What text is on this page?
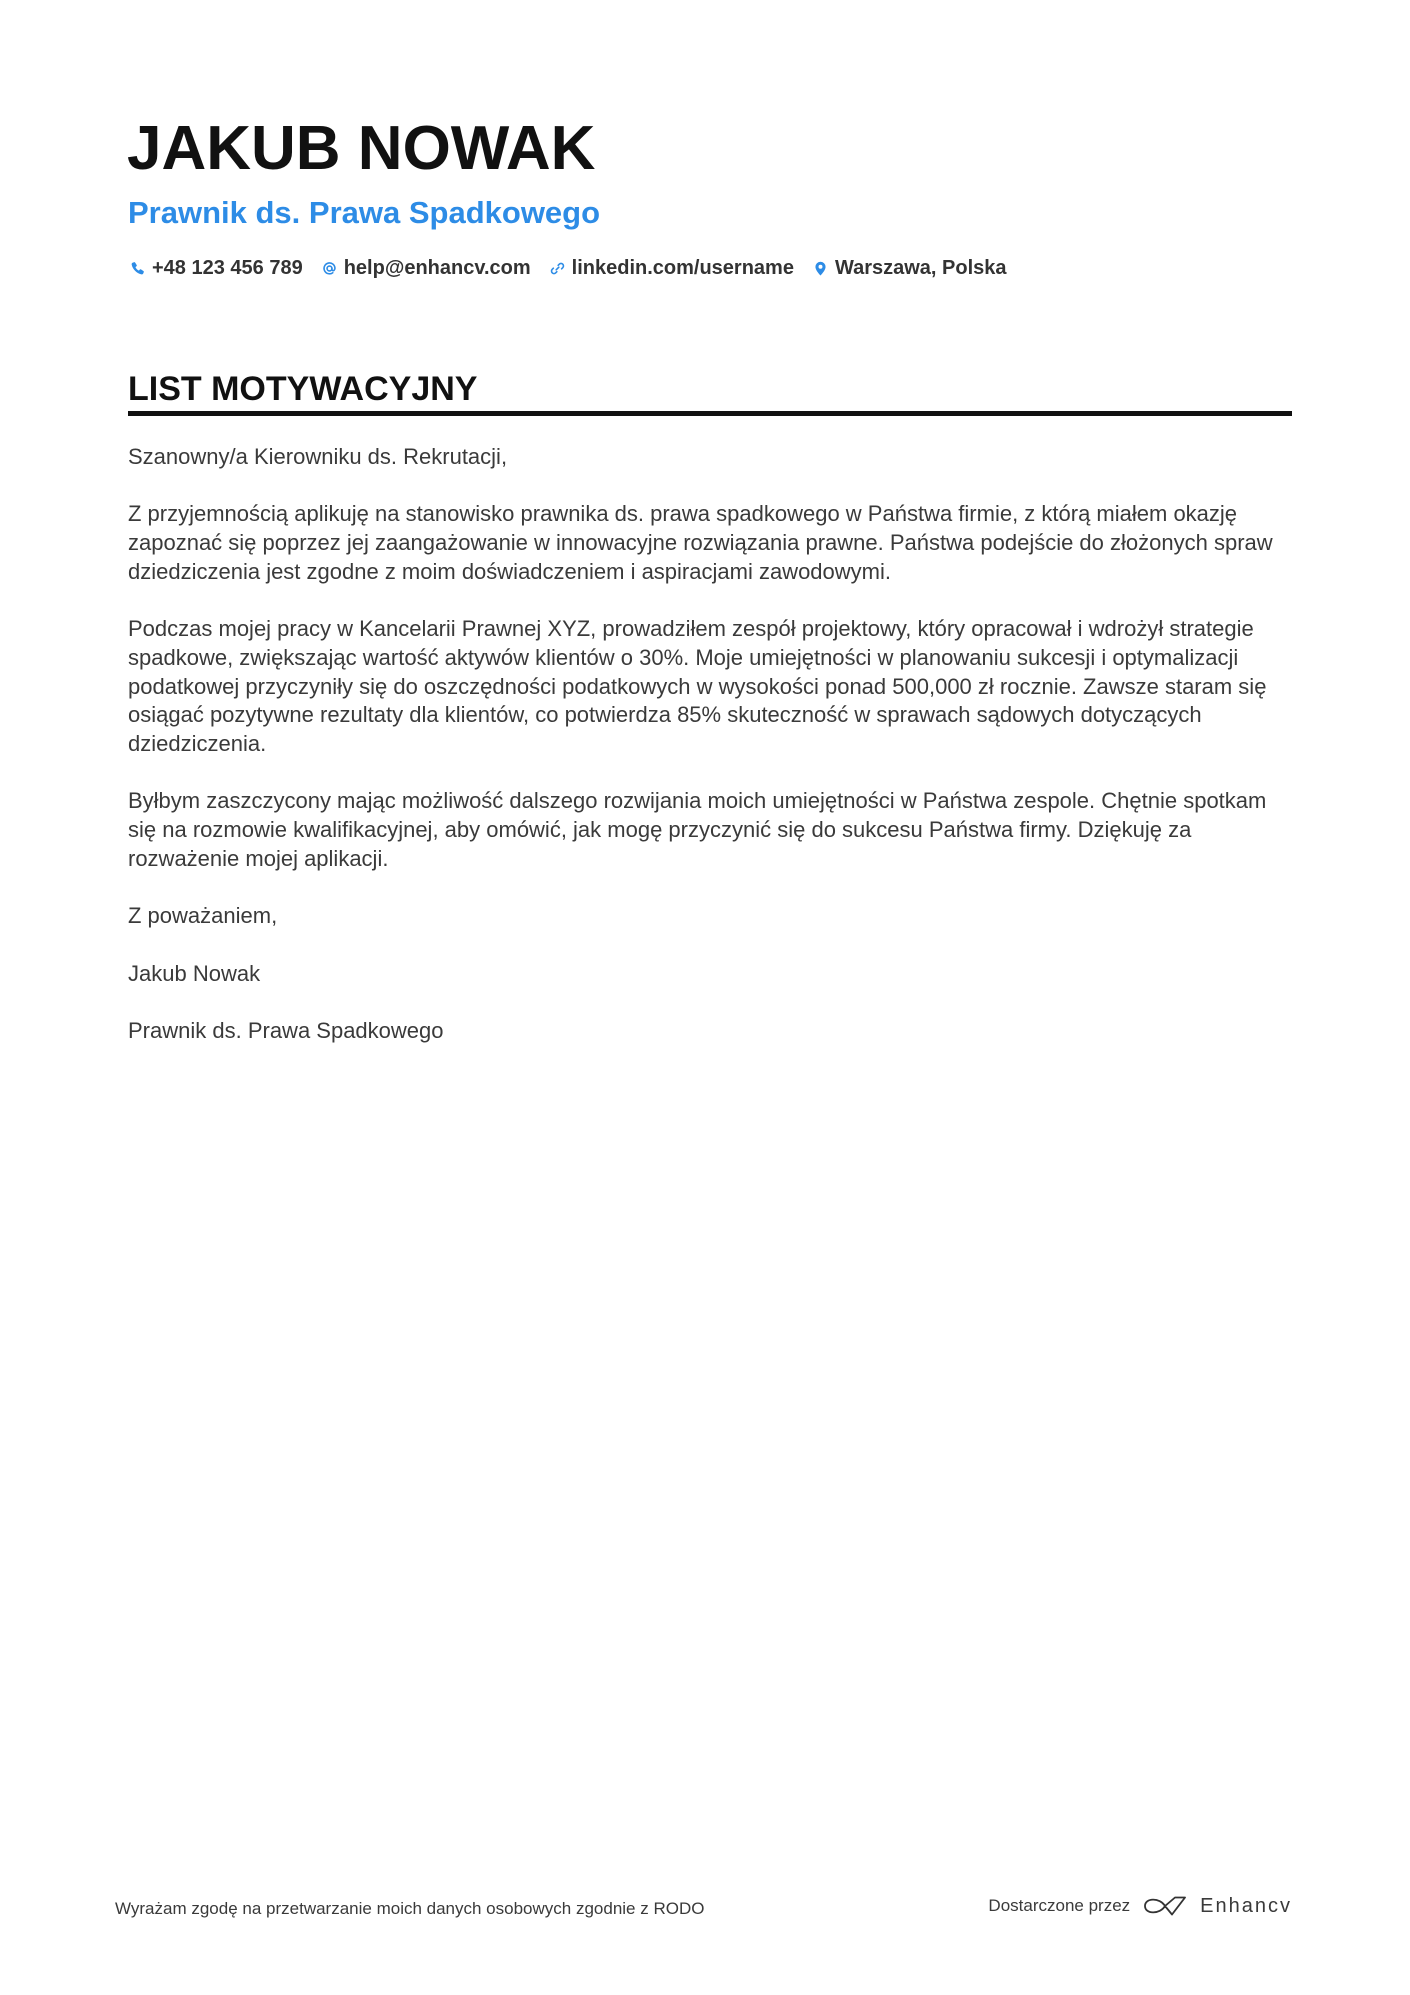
JAKUB NOWAK
Prawnik ds. Prawa Spadkowego
+48 123 456 789 help@enhancv.com linkedin.com/username Warszawa, Polska
LIST MOTYWACYJNY
Szanowny/a Kierowniku ds. Rekrutacji,
Z przyjemnością aplikuję na stanowisko prawnika ds. prawa spadkowego w Państwa firmie, z którą miałem okazję
zapoznać się poprzez jej zaangażowanie w innowacyjne rozwiązania prawne. Państwa podejście do złożonych spraw
dziedziczenia jest zgodne z moim doświadczeniem i aspiracjami zawodowymi.
Podczas mojej pracy w Kancelarii Prawnej XYZ, prowadziłem zespół projektowy, który opracował i wdrożył strategie
spadkowe, zwiększając wartość aktywów klientów o 30%. Moje umiejętności w planowaniu sukcesji i optymalizacji
podatkowej przyczyniły się do oszczędności podatkowych w wysokości ponad 500,000 zł rocznie. Zawsze staram się
osiągać pozytywne rezultaty dla klientów, co potwierdza 85% skuteczność w sprawach sądowych dotyczących
dziedziczenia.
Byłbym zaszczycony mając możliwość dalszego rozwijania moich umiejętności w Państwa zespole. Chętnie spotkam
się na rozmowie kwalifikacyjnej, aby omówić, jak mogę przyczynić się do sukcesu Państwa firmy. Dziękuję za
rozważenie mojej aplikacji.
Z poważaniem,
Jakub Nowak
Prawnik ds. Prawa Spadkowego
Wyrażam zgodę na przetwarzanie moich danych osobowych zgodnie z RODO	Dostarczone przez	Enhancv
